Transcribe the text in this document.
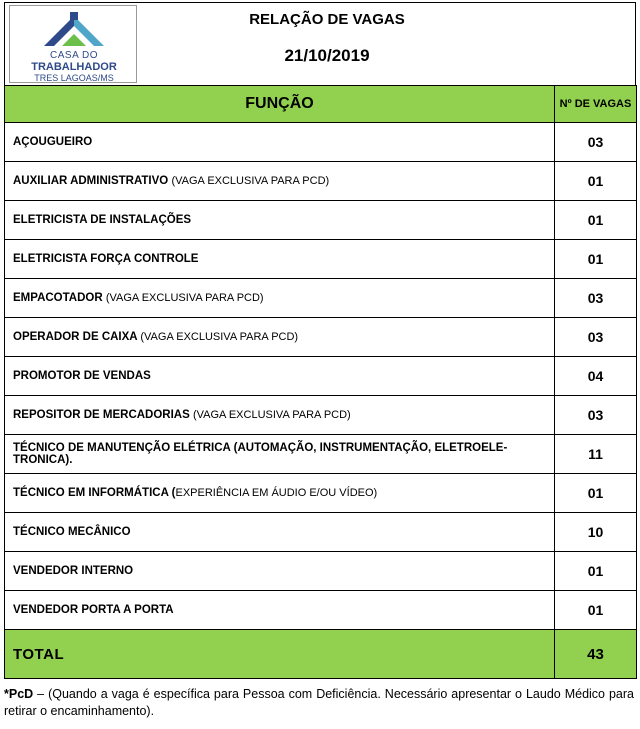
CASA DO
TRABALHADOR
TRES LAGOAS/MS
RELAÇÃO DE VAGAS
21/10/2019
FUNÇÃO	Nº DE VAGAS
AÇOUGUEIRO	03
AUXILIAR ADMINISTRATIVO (VAGA EXCLUSIVA PARA PCD)	01
ELETRICISTA DE INSTALAÇÕES	01
ELETRICISTA FORÇA CONTROLE	01
EMPACOTADOR (VAGA EXCLUSIVA PARA PCD)	03
OPERADOR DE CAIXA (VAGA EXCLUSIVA PARA PCD)	03
PROMOTOR DE VENDAS	04
REPOSITOR DE MERCADORIAS (VAGA EXCLUSIVA PARA PCD)	03
TÉCNICO DE MANUTENÇÃO ELÉTRICA (AUTOMAÇÃO, INSTRUMENTAÇÃO, ELETROELE-TRONICA).	11
TÉCNICO EM INFORMÁTICA (EXPERIÊNCIA EM ÁUDIO E/OU VÍDEO)	01
TÉCNICO MECÂNICO	10
VENDEDOR INTERNO	01
VENDEDOR PORTA A PORTA	01
TOTAL	43
*PcD – (Quando a vaga é específica para Pessoa com Deficiência. Necessário apresentar o Laudo Médico para retirar o encaminhamento).
